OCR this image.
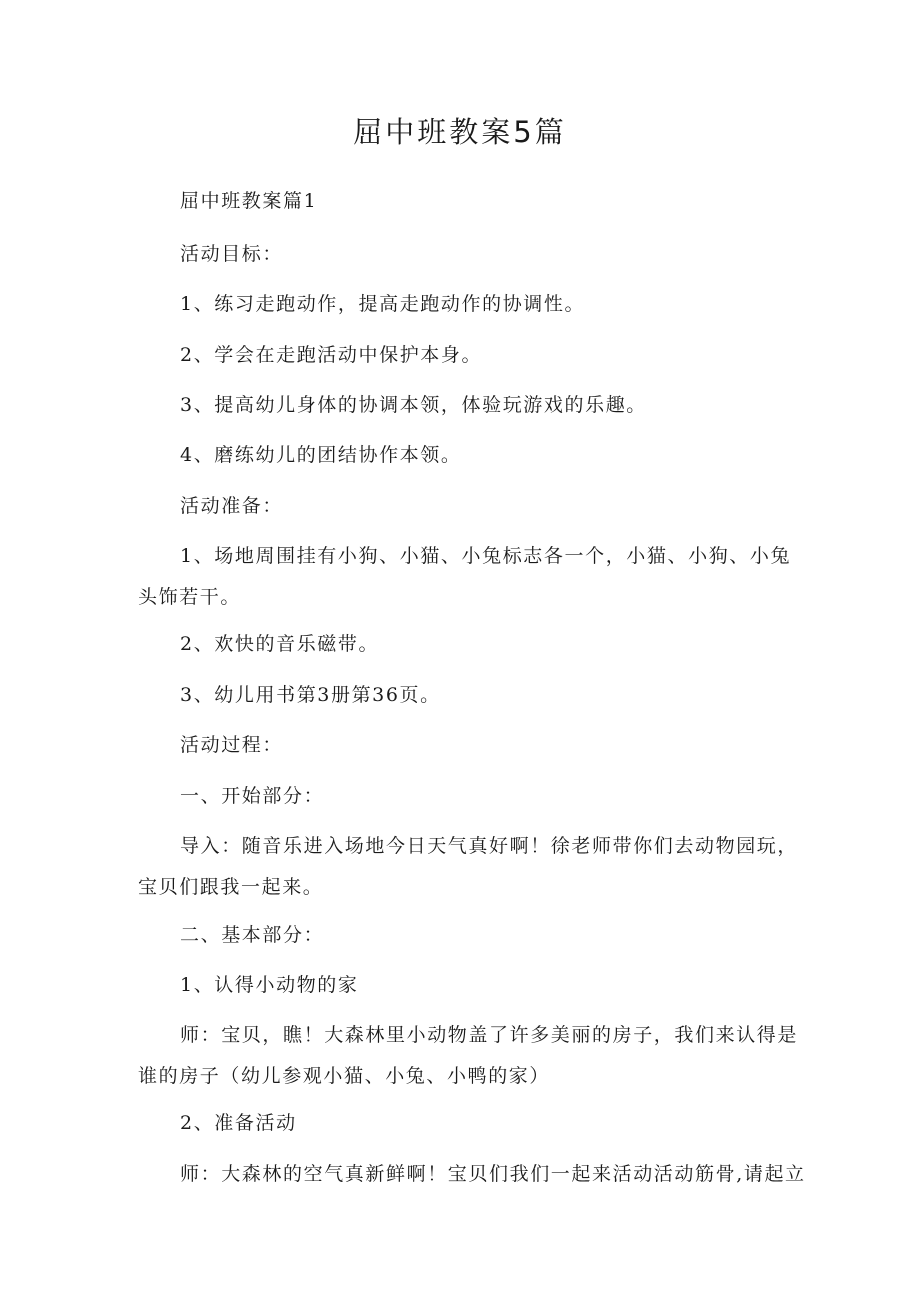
屈中班教案5篇
屈中班教案篇1
活动目标：
1、练习走跑动作，提高走跑动作的协调性。
2、学会在走跑活动中保护本身。
3、提高幼儿身体的协调本领，体验玩游戏的乐趣。
4、磨练幼儿的团结协作本领。
活动准备：
1、场地周围挂有小狗、小猫、小兔标志各一个，小猫、小狗、小兔头饰若干。
2、欢快的音乐磁带。
3、幼儿用书第3册第36页。
活动过程：
一、开始部分：
导入：随音乐进入场地今日天气真好啊！徐老师带你们去动物园玩，宝贝们跟我一起来。
二、基本部分：
1、认得小动物的家
师：宝贝，瞧！大森林里小动物盖了许多美丽的房子，我们来认得是谁的房子（幼儿参观小猫、小兔、小鸭的家）
2、准备活动
师：大森林的空气真新鲜啊！宝贝们我们一起来活动活动筋骨,请起立
